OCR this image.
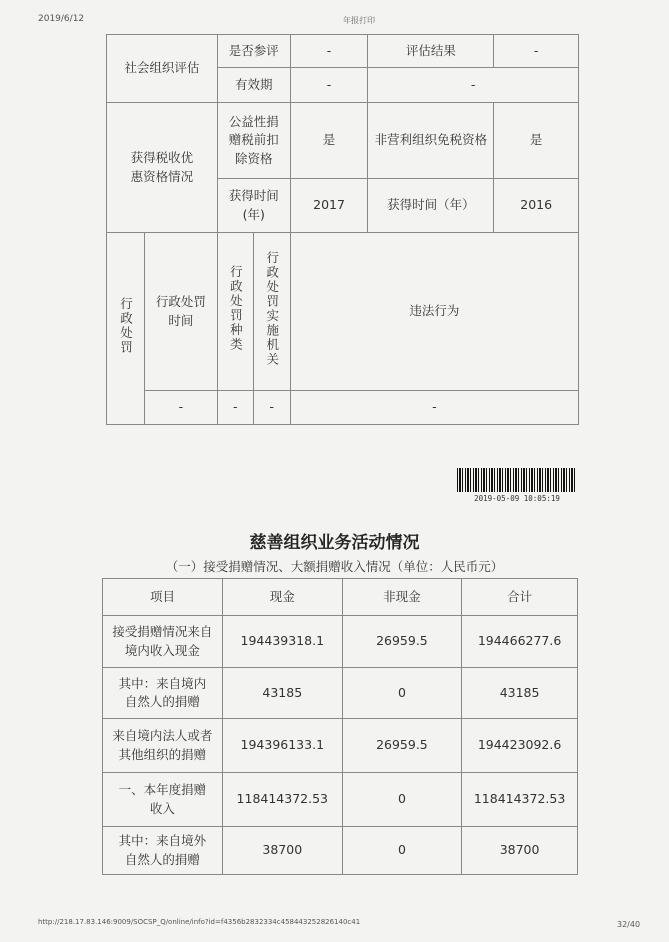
2019/6/12	年报打印
社会组织评估		是否参评		-	评估结果	-
		有效期		-	-	

获得税收优惠资格情况		公益性捐赠税前扣除资格		是	非营利组织免税资格	是

		获得时间(年)		2017	获得时间（年）	2016
行政处罚	行政处罚时间	行政处罚种类	行政处罚实施机关	违法行为		
	-	-	-	-		
2019-05-09 10:05:19
慈善组织业务活动情况
（一）接受捐赠情况、大额捐赠收入情况（单位：人民币元）
项目	现金	非现金	合计

接受捐赠情况来自境内收入现金	194439318.1	26959.5	194466277.6

其中：来自境内自然人的捐赠	43185	0	43185

来自境内法人或者其他组织的捐赠	194396133.1	26959.5	194423092.6

一、本年度捐赠收入	118414372.53	0	118414372.53

其中：来自境外自然人的捐赠	38700	0	38700
http://218.17.83.146:9009/SOCSP_Q/online/info?id=f4356b2832334c458443252826140c41	32/40
